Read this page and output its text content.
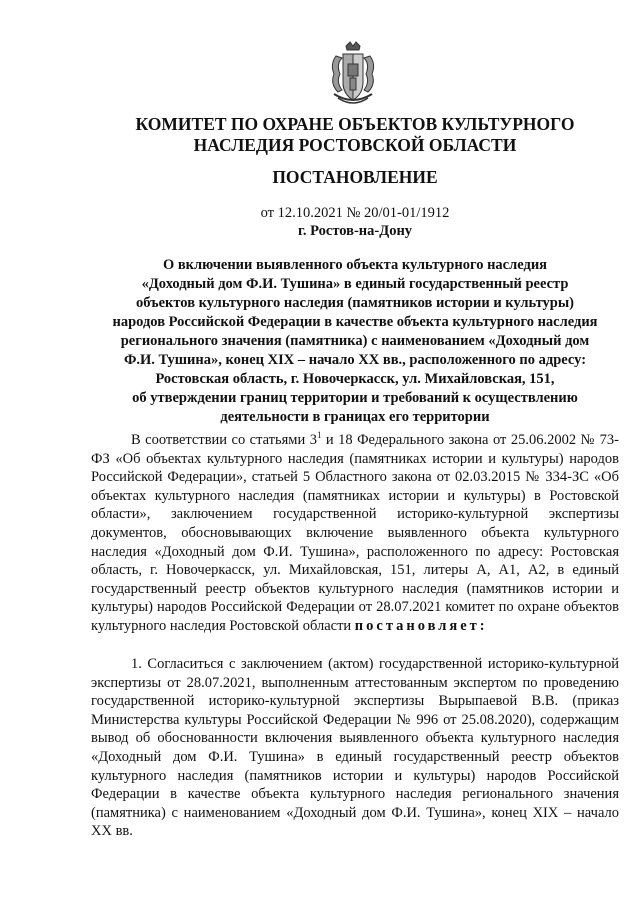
КОМИТЕТ ПО ОХРАНЕ ОБЪЕКТОВ КУЛЬТУРНОГО
НАСЛЕДИЯ РОСТОВСКОЙ ОБЛАСТИ
ПОСТАНОВЛЕНИЕ
от 12.10.2021 № 20/01-01/1912
г. Ростов-на-Дону
О включении выявленного объекта культурного наследия
«Доходный дом Ф.И. Тушина» в единый государственный реестр
объектов культурного наследия (памятников истории и культуры)
народов Российской Федерации в качестве объекта культурного наследия
регионального значения (памятника) с наименованием «Доходный дом
Ф.И. Тушина», конец XIX – начало XX вв., расположенного по адресу:
Ростовская область, г. Новочеркасск, ул. Михайловская, 151,
об утверждении границ территории и требований к осуществлению
деятельности в границах его территории
В соответствии со статьями $3^1$ и 18 Федерального закона от 25.06.2002 № 73-ФЗ «Об объектах культурного наследия (памятниках истории и культуры) народов Российской Федерации», статьей 5 Областного закона от 02.03.2015 № 334-ЗС «Об объектах культурного наследия (памятниках истории и культуры) в Ростовской области», заключением государственной историко-культурной экспертизы документов, обосновывающих включение выявленного объекта культурного наследия «Доходный дом Ф.И. Тушина», расположенного по адресу: Ростовская область, г. Новочеркасск, ул. Михайловская, 151, литеры А, А1, А2, в единый государственный реестр объектов культурного наследия (памятников истории и культуры) народов Российской Федерации от 28.07.2021 комитет по охране объектов культурного наследия Ростовской области постановляет:
1. Согласиться с заключением (актом) государственной историко-культурной экспертизы от 28.07.2021, выполненным аттестованным экспертом по проведению государственной историко-культурной экспертизы Вырыпаевой В.В. (приказ Министерства культуры Российской Федерации № 996 от 25.08.2020), содержащим вывод об обоснованности включения выявленного объекта культурного наследия «Доходный дом Ф.И. Тушина» в единый государственный реестр объектов культурного наследия (памятников истории и культуры) народов Российской Федерации в качестве объекта культурного наследия регионального значения (памятника) с наименованием «Доходный дом Ф.И. Тушина», конец XIX – начало XX вв.
